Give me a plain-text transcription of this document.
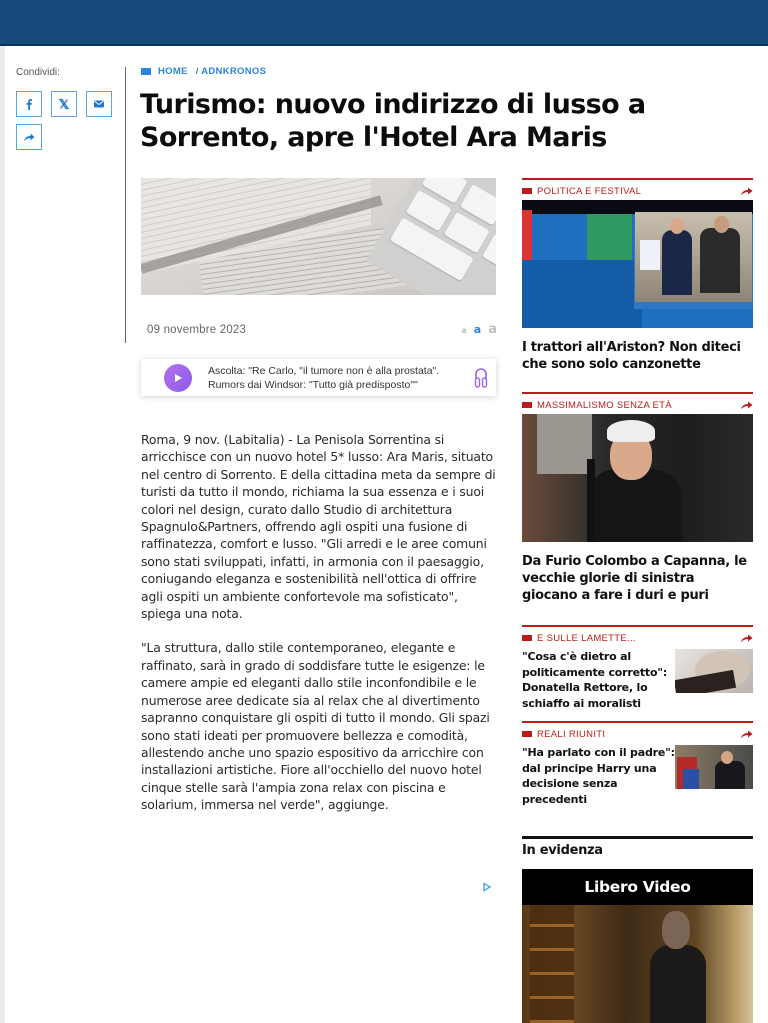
Condividi:	HOME / ADNKRONOS
Turismo: nuovo indirizzo di lusso a Sorrento, apre l'Hotel Ara Maris
09 novembre 2023	a a a
Ascolta: "Re Carlo, "il tumore non è alla prostata". Rumors dai Windsor: "Tutto già predisposto""

Roma, 9 nov. (Labitalia) - La Penisola Sorrentina si arricchisce con un nuovo hotel 5* lusso: Ara Maris, situato nel centro di Sorrento. E della cittadina meta da sempre di turisti da tutto il mondo, richiama la sua essenza e i suoi colori nel design, curato dallo Studio di architettura Spagnulo&Partners, offrendo agli ospiti una fusione di raffinatezza, comfort e lusso. "Gli arredi e le aree comuni sono stati sviluppati, infatti, in armonia con il paesaggio, coniugando eleganza e sostenibilità nell'ottica di offrire agli ospiti un ambiente confortevole ma sofisticato", spiega una nota.

"La struttura, dallo stile contemporaneo, elegante e raffinato, sarà in grado di soddisfare tutte le esigenze: le camere ampie ed eleganti dallo stile inconfondibile e le numerose aree dedicate sia al relax che al divertimento sapranno conquistare gli ospiti di tutto il mondo. Gli spazi sono stati ideati per promuovere bellezza e comodità, allestendo anche uno spazio espositivo da arricchire con installazioni artistiche. Fiore all'occhiello del nuovo hotel cinque stelle sarà l'ampia zona relax con piscina e solarium, immersa nel verde", aggiunge.

POLITICA E FESTIVAL
I trattori all'Ariston? Non diteci che sono solo canzonette
MASSIMALISMO SENZA ETÀ
Da Furio Colombo a Capanna, le vecchie glorie di sinistra giocano a fare i duri e puri
E SULLE LAMETTE...
"Cosa c'è dietro al politicamente corretto": Donatella Rettore, lo schiaffo ai moralisti
REALI RIUNITI
"Ha parlato con il padre": dal principe Harry una decisione senza precedenti
In evidenza
Libero Video
